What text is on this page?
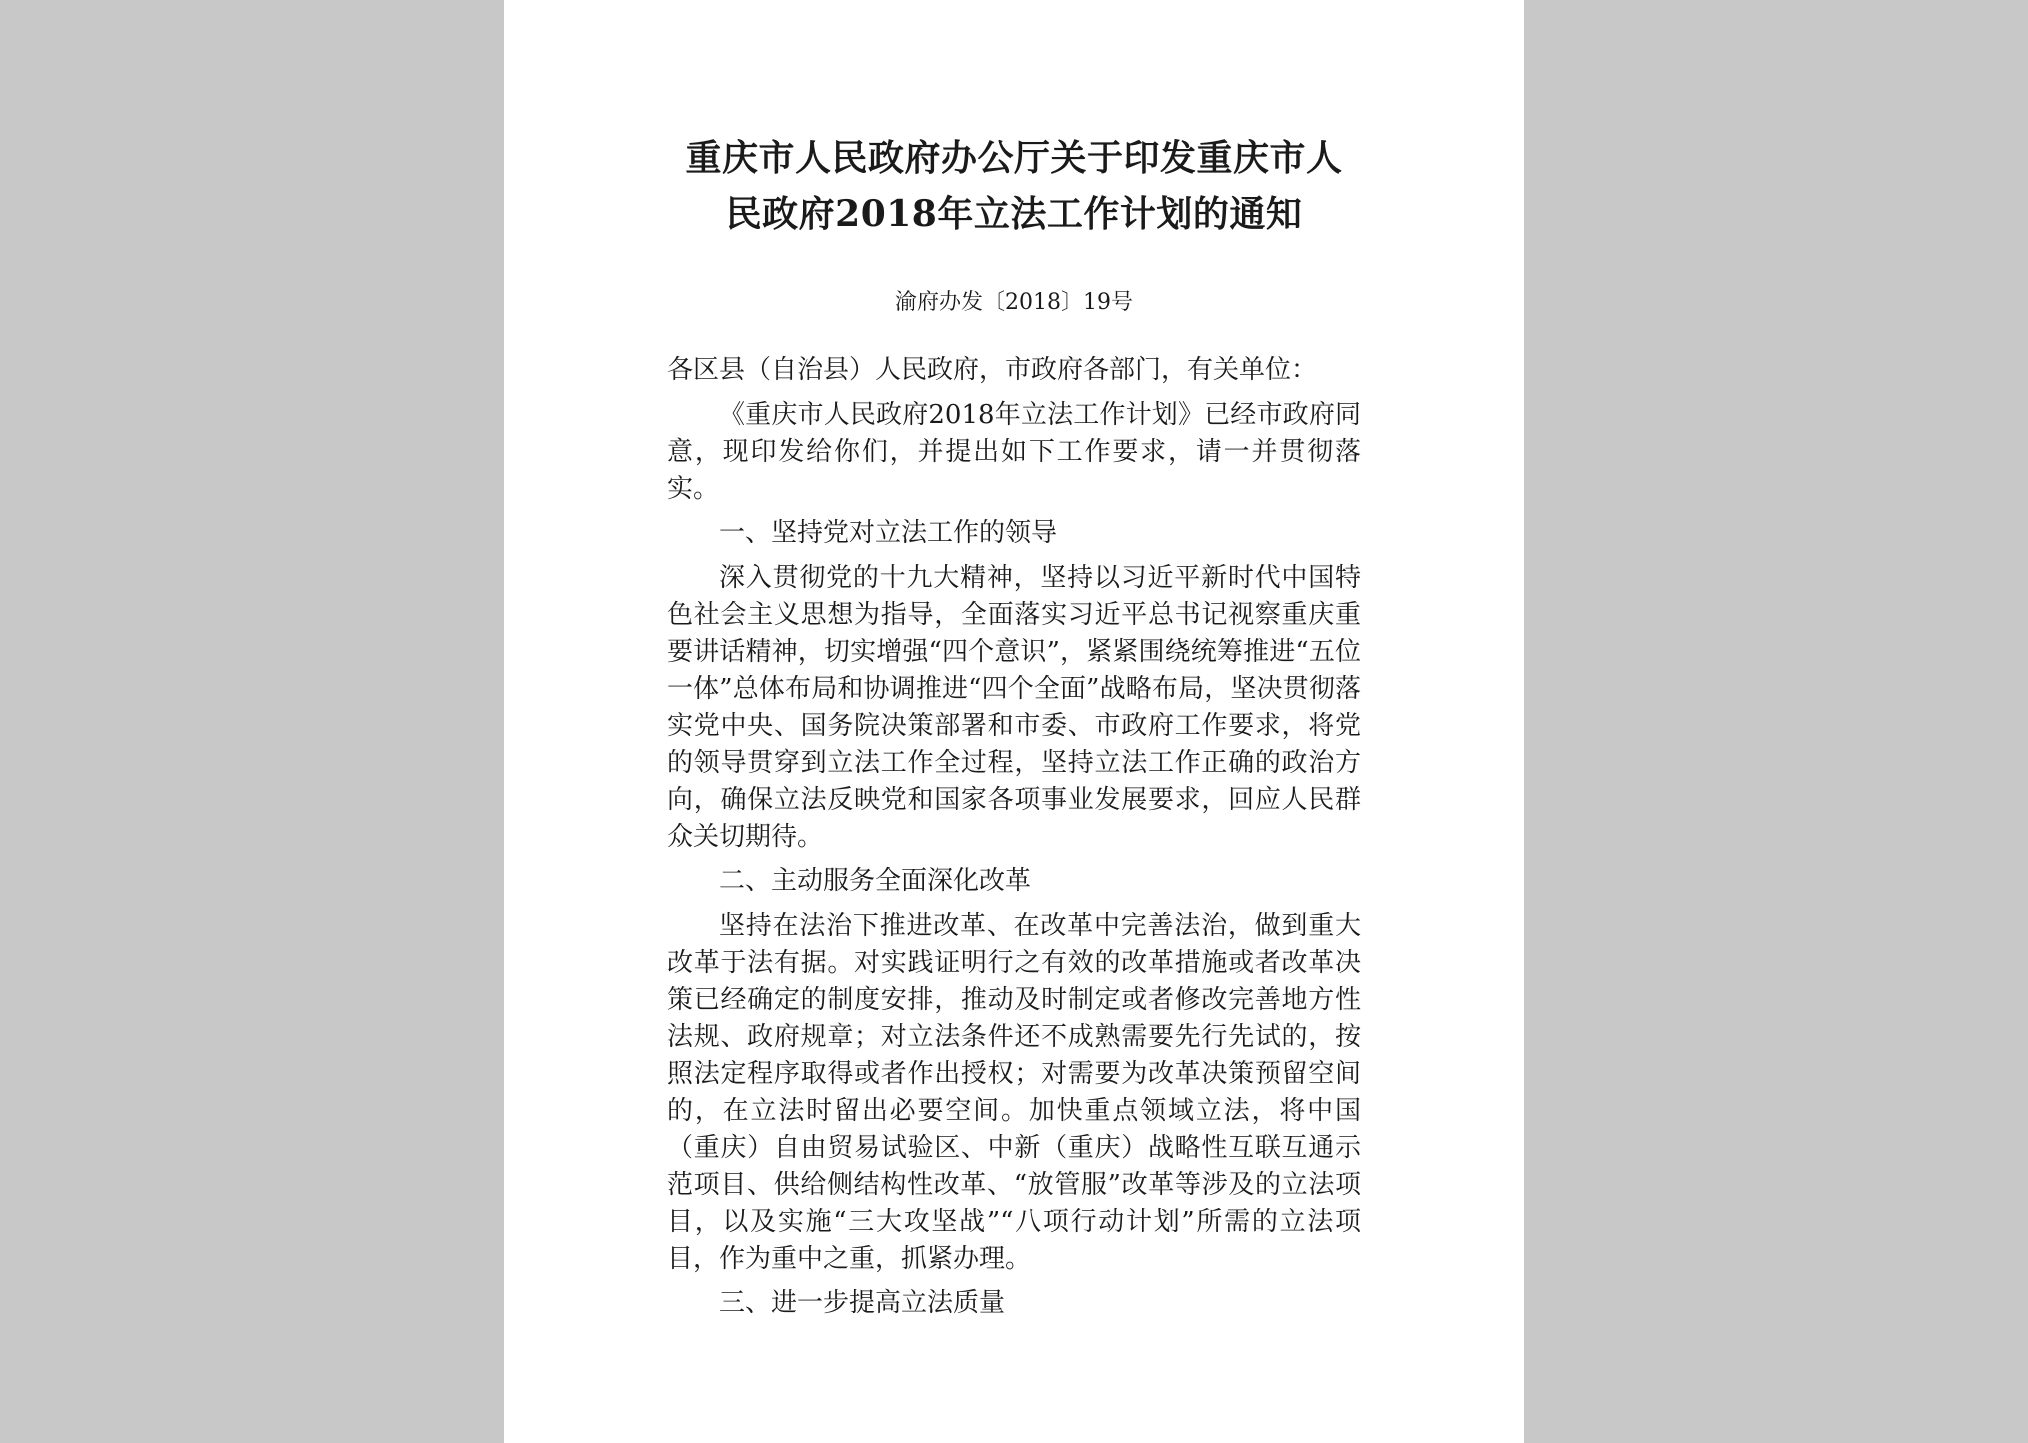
重庆市人民政府办公厅关于印发重庆市人
民政府2018年立法工作计划的通知
渝府办发〔2018〕19号

各区县（自治县）人民政府，市政府各部门，有关单位：

《重庆市人民政府2018年立法工作计划》已经市政府同意，现印发给你们，并提出如下工作要求，请一并贯彻落实。

一、坚持党对立法工作的领导

深入贯彻党的十九大精神，坚持以习近平新时代中国特色社会主义思想为指导，全面落实习近平总书记视察重庆重要讲话精神，切实增强“四个意识”，紧紧围绕统筹推进“五位一体”总体布局和协调推进“四个全面”战略布局，坚决贯彻落实党中央、国务院决策部署和市委、市政府工作要求，将党的领导贯穿到立法工作全过程，坚持立法工作正确的政治方向，确保立法反映党和国家各项事业发展要求，回应人民群众关切期待。

二、主动服务全面深化改革

坚持在法治下推进改革、在改革中完善法治，做到重大改革于法有据。对实践证明行之有效的改革措施或者改革决策已经确定的制度安排，推动及时制定或者修改完善地方性法规、政府规章；对立法条件还不成熟需要先行先试的，按照法定程序取得或者作出授权；对需要为改革决策预留空间的，在立法时留出必要空间。加快重点领域立法，将中国（重庆）自由贸易试验区、中新（重庆）战略性互联互通示范项目、供给侧结构性改革、“放管服”改革等涉及的立法项目，以及实施“三大攻坚战”“八项行动计划”所需的立法项目，作为重中之重，抓紧办理。

三、进一步提高立法质量
